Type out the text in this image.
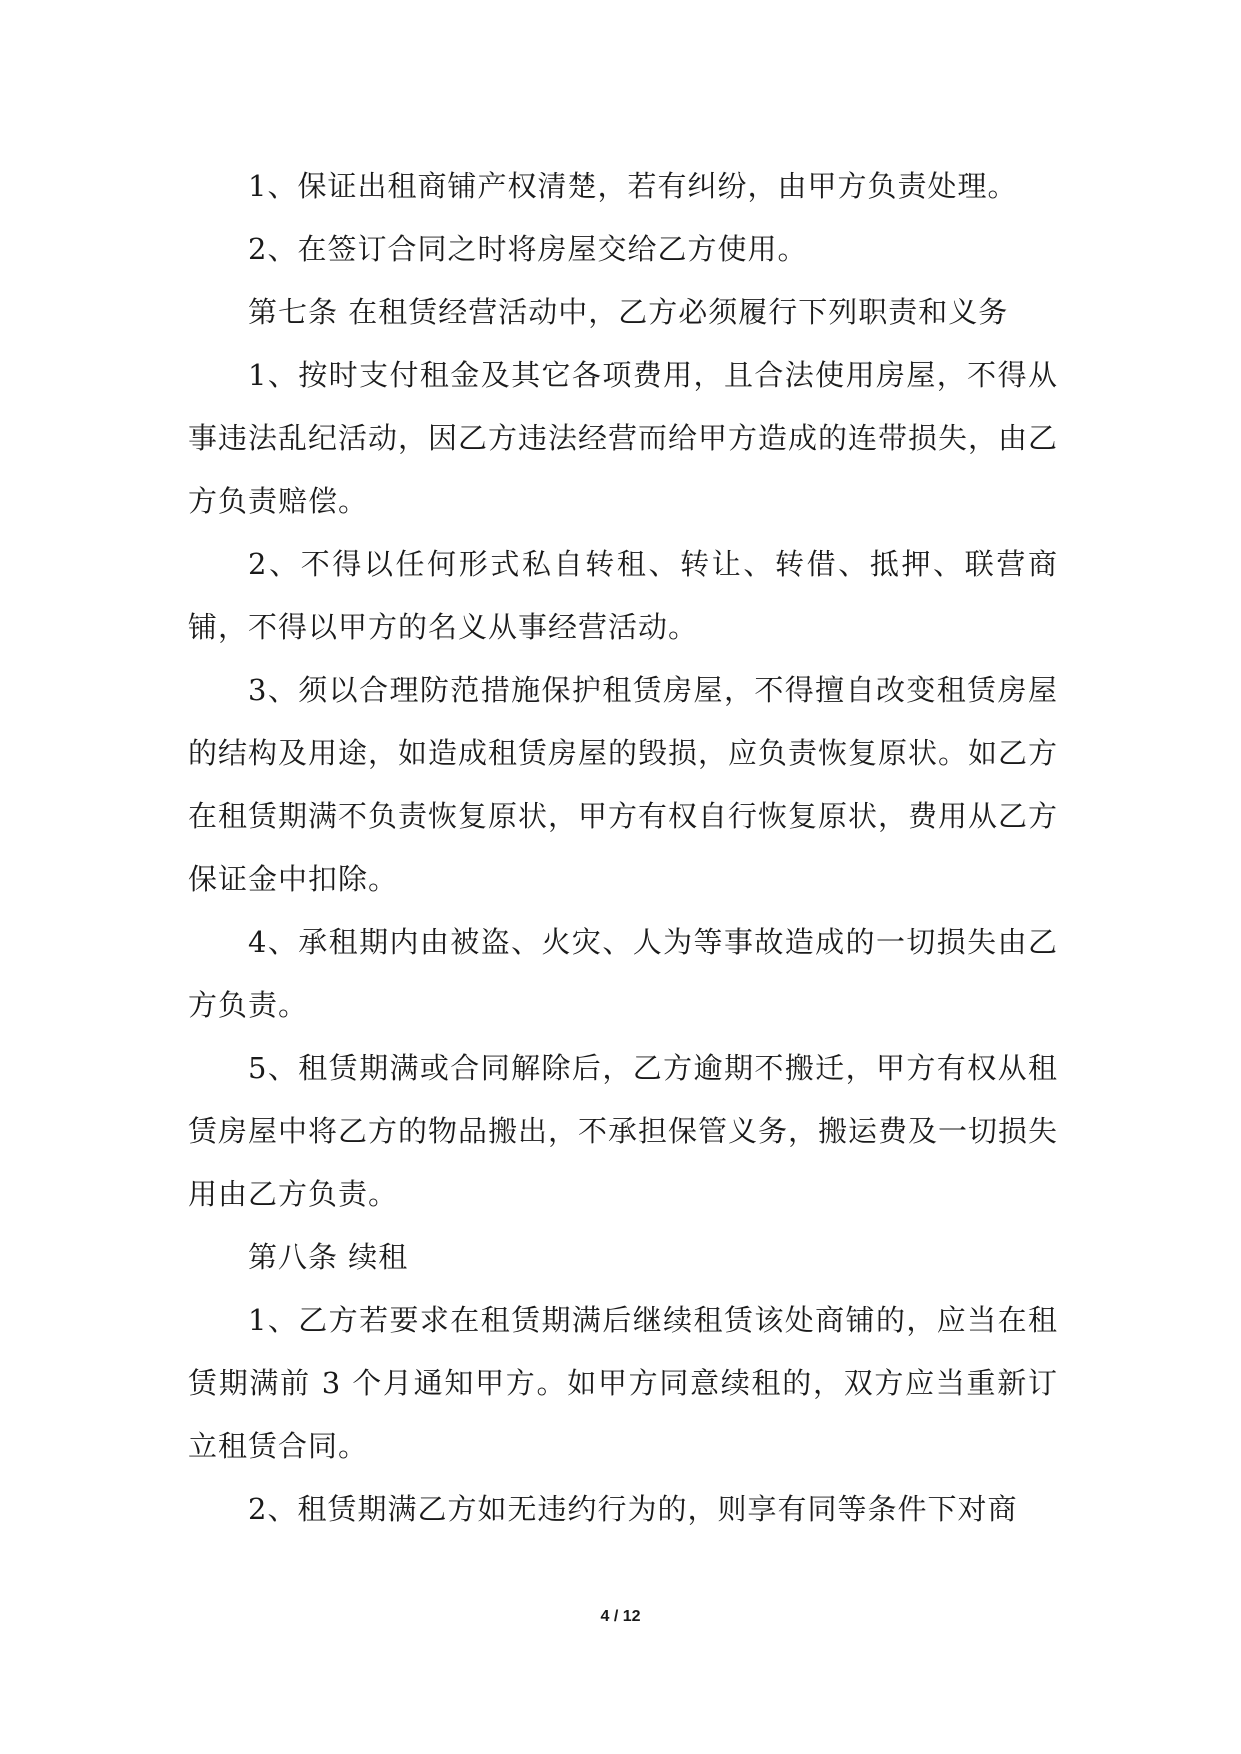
1、保证出租商铺产权清楚，若有纠纷，由甲方负责处理。

2、在签订合同之时将房屋交给乙方使用。

第七条 在租赁经营活动中，乙方必须履行下列职责和义务

1、按时支付租金及其它各项费用，且合法使用房屋，不得从事违法乱纪活动，因乙方违法经营而给甲方造成的连带损失，由乙方负责赔偿。

2、不得以任何形式私自转租、转让、转借、抵押、联营商铺，不得以甲方的名义从事经营活动。

3、须以合理防范措施保护租赁房屋，不得擅自改变租赁房屋的结构及用途，如造成租赁房屋的毁损，应负责恢复原状。如乙方在租赁期满不负责恢复原状，甲方有权自行恢复原状，费用从乙方保证金中扣除。

4、承租期内由被盗、火灾、人为等事故造成的一切损失由乙方负责。

5、租赁期满或合同解除后，乙方逾期不搬迁，甲方有权从租赁房屋中将乙方的物品搬出，不承担保管义务，搬运费及一切损失用由乙方负责。

第八条 续租

1、乙方若要求在租赁期满后继续租赁该处商铺的，应当在租赁期满前 3 个月通知甲方。如甲方同意续租的，双方应当重新订立租赁合同。

2、租赁期满乙方如无违约行为的，则享有同等条件下对商

4 / 12
